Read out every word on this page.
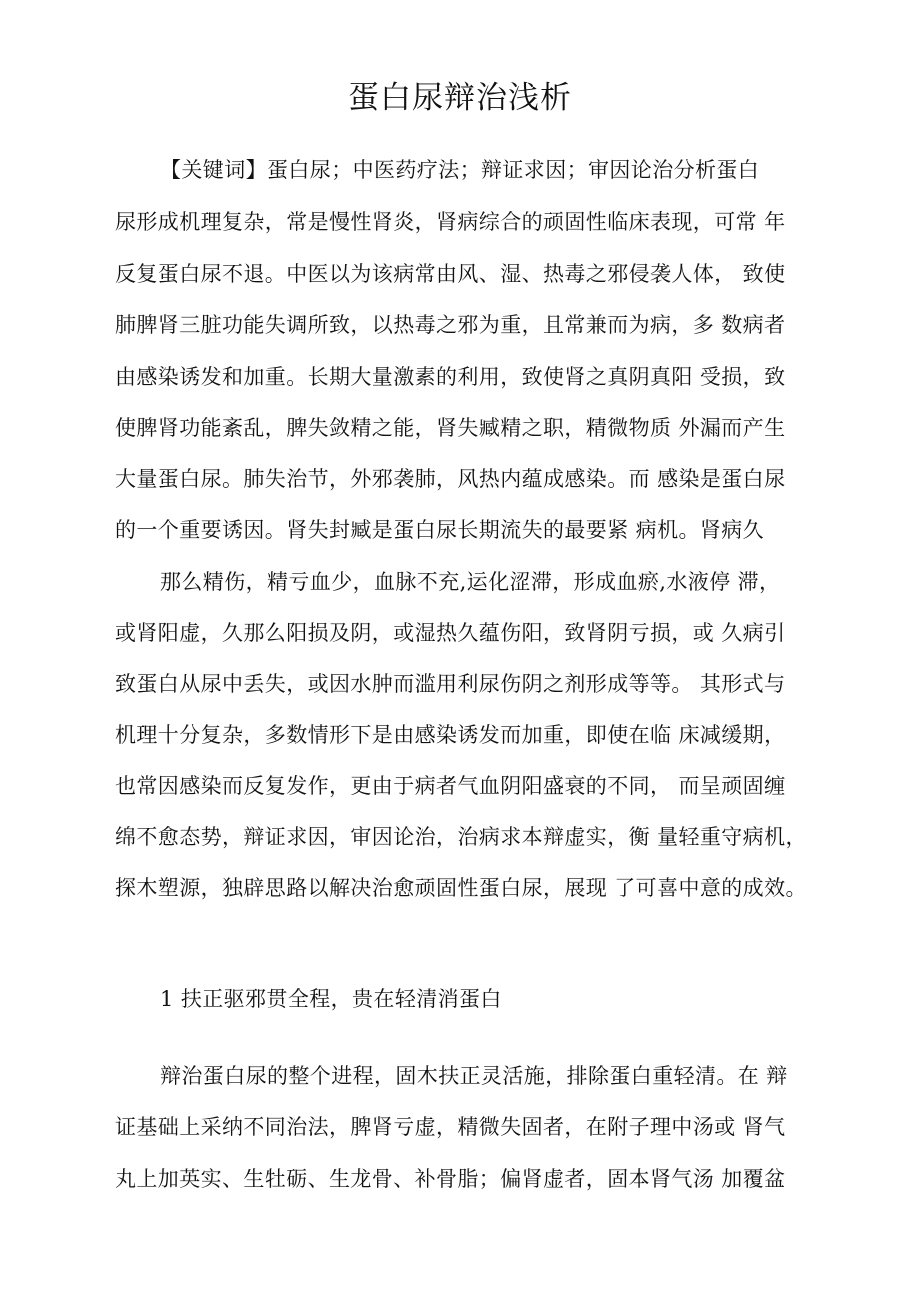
蛋白尿辩治浅析
【关键词】蛋白尿；中医药疗法；辩证求因；审因论治分析蛋白
尿形成机理复杂，常是慢性肾炎，肾病综合的顽固性临床表现，可常 年
反复蛋白尿不退。中医以为该病常由风、湿、热毒之邪侵袭人体， 致使
肺脾肾三脏功能失调所致，以热毒之邪为重，且常兼而为病，多 数病者
由感染诱发和加重。长期大量激素的利用，致使肾之真阴真阳 受损，致
使脾肾功能紊乱，脾失敛精之能，肾失臧精之职，精微物质 外漏而产生
大量蛋白尿。肺失治节，外邪袭肺，风热内蕴成感染。而 感染是蛋白尿
的一个重要诱因。肾失封臧是蛋白尿长期流失的最要紧 病机。肾病久
那么精伤，精亏血少，血脉不充,运化涩滞，形成血瘀,水液停 滞，
或肾阳虚，久那么阳损及阴，或湿热久蕴伤阳，致肾阴亏损，或 久病引
致蛋白从尿中丢失，或因水肿而滥用利尿伤阴之剂形成等等。 其形式与
机理十分复杂，多数情形下是由感染诱发而加重，即使在临 床减缓期，
也常因感染而反复发作，更由于病者气血阴阳盛衰的不同， 而呈顽固缠
绵不愈态势，辩证求因，审因论治，治病求本辩虚实，衡 量轻重守病机，
探木塑源，独辟思路以解决治愈顽固性蛋白尿，展现 了可喜中意的成效。
1 扶正驱邪贯全程，贵在轻清消蛋白
辩治蛋白尿的整个进程，固木扶正灵活施，排除蛋白重轻清。在 辩
证基础上采纳不同治法，脾肾亏虚，精微失固者，在附子理中汤或 肾气
丸上加英实、生牡砺、生龙骨、补骨脂；偏肾虚者，固本肾气汤 加覆盆
